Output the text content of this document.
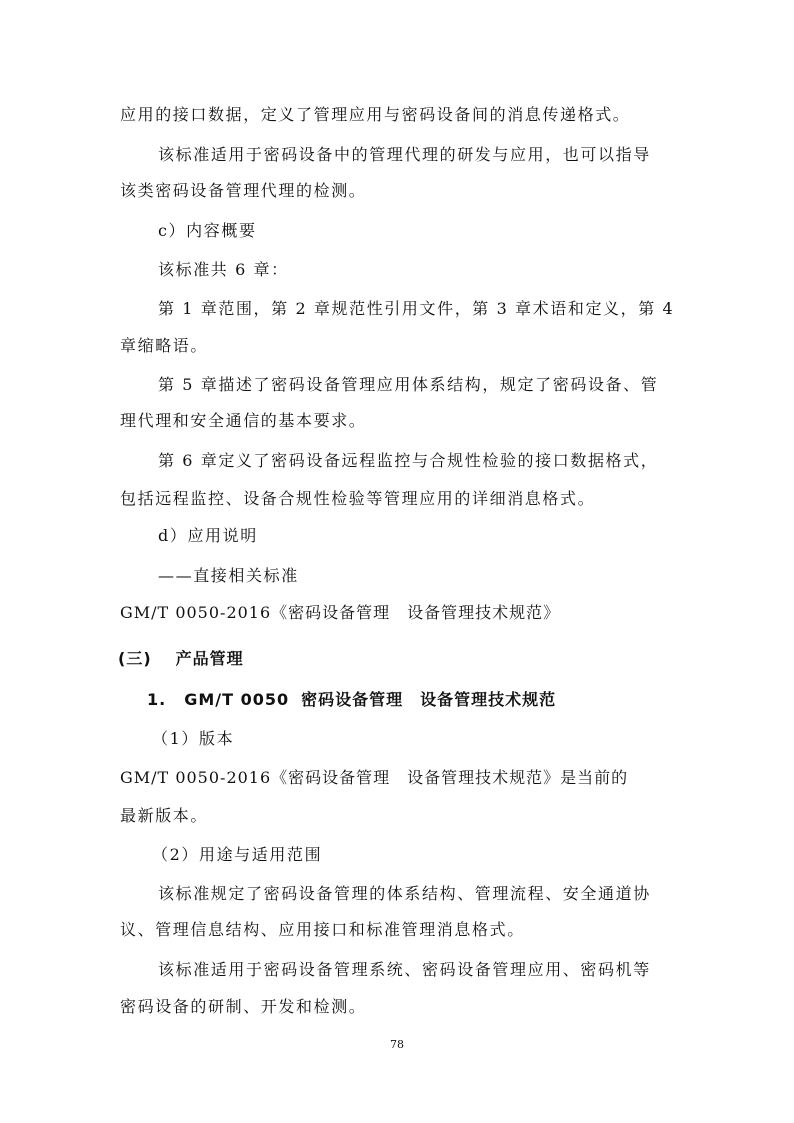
应用的接口数据，定义了管理应用与密码设备间的消息传递格式。
该标准适用于密码设备中的管理代理的研发与应用，也可以指导
该类密码设备管理代理的检测。
c）内容概要
该标准共 6 章：
第 1 章范围，第 2 章规范性引用文件，第 3 章术语和定义，第 4
章缩略语。
第 5 章描述了密码设备管理应用体系结构，规定了密码设备、管
理代理和安全通信的基本要求。
第 6 章定义了密码设备远程监控与合规性检验的接口数据格式，
包括远程监控、设备合规性检验等管理应用的详细消息格式。
d）应用说明
——直接相关标准
GM/T 0050-2016《密码设备管理　设备管理技术规范》
(三) 产品管理
1. GM/T 0050 密码设备管理　设备管理技术规范
（1）版本
GM/T 0050-2016《密码设备管理　设备管理技术规范》是当前的
最新版本。
（2）用途与适用范围
该标准规定了密码设备管理的体系结构、管理流程、安全通道协
议、管理信息结构、应用接口和标准管理消息格式。
该标准适用于密码设备管理系统、密码设备管理应用、密码机等
密码设备的研制、开发和检测。
78
